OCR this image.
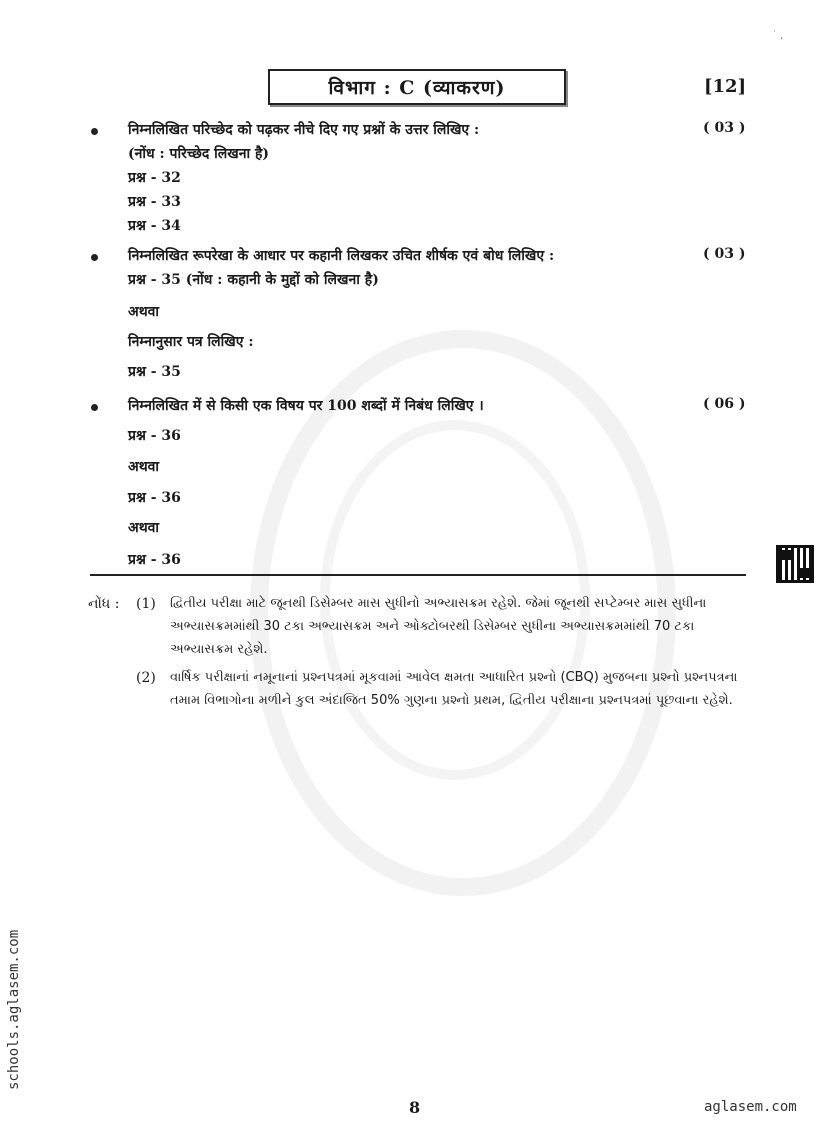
˙ ,
विभाग : C (व्याकरण)	[12]
निम्नलिखित परिच्छेद को पढ़कर नीचे दिए गए प्रश्नों के उत्तर लिखिए :	( 03 )
(नोंध : परिच्छेद लिखना है)
प्रश्न - 32
प्रश्न - 33
प्रश्न - 34
निम्नलिखित रूपरेखा के आधार पर कहानी लिखकर उचित शीर्षक एवं बोध लिखिए :	( 03 )
प्रश्न - 35 (नोंध : कहानी के मुद्दों को लिखना है)
अथवा
निम्नानुसार पत्र लिखिए :
प्रश्न - 35
निम्नलिखित में से किसी एक विषय पर 100 शब्दों में निबंध लिखिए ।	( 06 )
प्रश्न - 36
अथवा
प्रश्न - 36
अथवा
प्रश्न - 36
નોંધ : (1) દ્વિતીય પરીક્ષા માટે જૂનથી ડિસેમ્બર માસ સુધીનો અભ્યાસક્રમ રહેશે. જેમાં જૂનથી સપ્ટેમ્બર માસ સુધીના અભ્યાસક્રમમાંથી 30 ટકા અભ્યાસક્રમ અને ઓક્ટોબરથી ડિસેમ્બર સુધીના અભ્યાસક્રમમાંથી 70 ટકા અભ્યાસક્રમ રહેશે.
(2) વાર્ષિક પરીક્ષાનાં નમૂનાનાં પ્રશ્નપત્રમાં મૂકવામાં આવેલ ક્ષમતા આધારિત પ્રશ્નો (CBQ) મુજબના પ્રશ્નો પ્રશ્નપત્રના તમામ વિભાગોના મળીને કુલ અંદાજિત 50% ગુણના પ્રશ્નો પ્રથમ, દ્વિતીય પરીક્ષાના પ્રશ્નપત્રમાં પૂછવાના રહેશે.
schools.aglasem.com
8	aglasem.com
